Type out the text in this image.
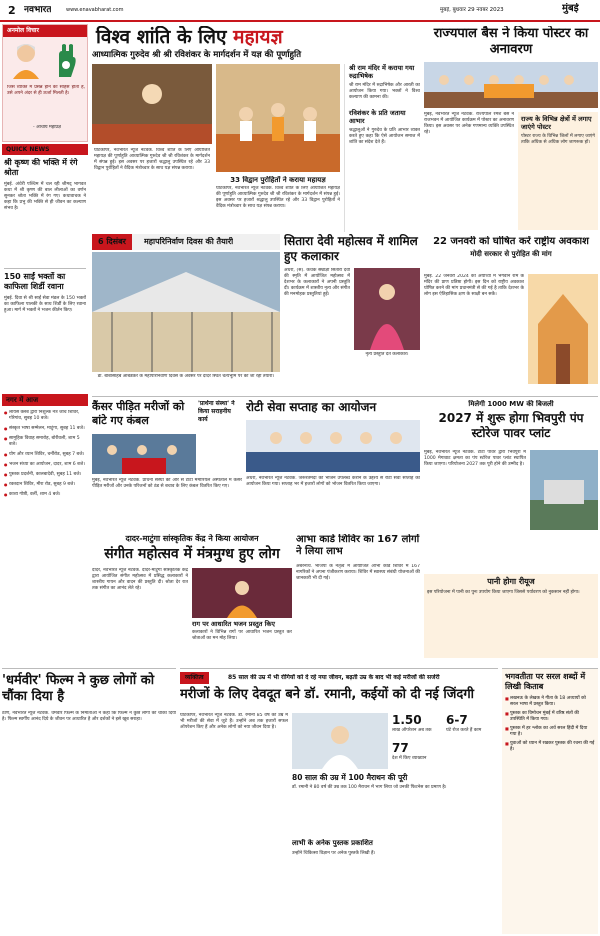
2 नवभारत	www.enavabharat.com	मुंबई, बुधवार 29 नवंबर 2023	मुंबई
अनमोल विचार
जिस व्यक्ति में प्रसन्न होने का साहस होता है, उसे अपने अंदर से ही ऊर्जा मिलती है।
- आचार्य महाप्रज्ञ
QUICK NEWS
श्री कृष्ण की भक्ति में रंगे श्रोता
मुंबई. अंधेरी पश्चिम में चल रही श्रीमद् भागवत कथा में श्री कृष्ण की बाल लीलाओं का वर्णन सुनकर श्रोता भक्ति में रंग गए। कथावाचक ने कहा कि प्रभु की भक्ति से ही जीवन का कल्याण संभव है।
150 साईं भक्तों का काफिला शिर्डी रवाना
मुंबई. दिवा से श्री साईं सेवा मंडल के 150 भक्तों का काफिला पालकी के साथ शिर्डी के लिए रवाना हुआ। मार्ग में भक्तों ने भजन कीर्तन किए।
नगर में आज
● लायंस क्लब द्वारा निशुल्क नेत्र जांच शिविर, गोरेगांव, सुबह 10 बजे।
● संस्कृत भाषा सम्मेलन, माटुंगा, सुबह 11 बजे।
● सामूहिक विवाह समारोह, बोरीवली, शाम 5 बजे।
● योग और ध्यान शिविर, चर्नीरोड, सुबह 7 बजे।
● भजन संध्या का आयोजन, दादर, शाम 6 बजे।
● पुस्तक प्रदर्शनी, कालबादेवी, सुबह 11 बजे।
● रक्तदान शिविर, मीरा रोड, सुबह 9 बजे।
● काव्य गोष्ठी, वर्ली, शाम 4 बजे।
विश्व शांति के लिए महायज्ञ
आध्यात्मिक गुरुदेव श्री श्री रविशंकर के मार्गदर्शन में यज्ञ की पूर्णाहुति
घाटकोपर, नवभारत न्यूज नेटवर्क. विश्व शांति के लिए आयोजित महायज्ञ की पूर्णाहुति आध्यात्मिक गुरुदेव श्री श्री रविशंकर के मार्गदर्शन में संपन्न हुई। इस अवसर पर हजारों श्रद्धालु उपस्थित रहे और 33 विद्वान पुरोहितों ने वैदिक मंत्रोच्चार के साथ यज्ञ संपन्न कराया।
33 विद्वान पुरोहितों ने कराया महायज्ञ
घाटकोपर, नवभारत न्यूज नेटवर्क. विश्व शांति के लिए आयोजित महायज्ञ की पूर्णाहुति आध्यात्मिक गुरुदेव श्री श्री रविशंकर के मार्गदर्शन में संपन्न हुई। इस अवसर पर हजारों श्रद्धालु उपस्थित रहे और 33 विद्वान पुरोहितों ने वैदिक मंत्रोच्चार के साथ यज्ञ संपन्न कराया।
श्री राम मंदिर में कराया गया रुद्राभिषेक
श्री राम मंदिर में रुद्राभिषेक और आरती का आयोजन किया गया। भक्तों ने विश्व कल्याण की कामना की।
रविशंकर के प्रति जताया आभार
श्रद्धालुओं ने गुरुदेव के प्रति आभार व्यक्त करते हुए कहा कि ऐसे आयोजन समाज में शांति का संदेश देते हैं।
राज्यपाल बैस ने किया पोस्टर का अनावरण
मुंबई, नवभारत न्यूज नेटवर्क. राज्यपाल रमेश बैस ने राजभवन में आयोजित कार्यक्रम में पोस्टर का अनावरण किया। इस अवसर पर अनेक गणमान्य व्यक्ति उपस्थित रहे।
राज्य के विभिन्न क्षेत्रों में लगाए जाएंगे पोस्टर
पोस्टर राज्य के विभिन्न जिलों में लगाए जाएंगे ताकि अधिक से अधिक लोग जागरूक हों।
6 दिसंबर	महापरिनिर्वाण दिवस की तैयारी
डॉ. बाबासाहेब आंबेडकर के महापरिनिर्वाण दिवस के अवसर पर दादर स्थित चैत्यभूमि पर की जा रही तैयारी।
सितारा देवी महोत्सव में शामिल हुए कलाकार
अंधेरी, (सं). कथक सम्राज्ञी सितारा देवी की स्मृति में आयोजित महोत्सव में देशभर के कलाकारों ने अपनी प्रस्तुति दी। कार्यक्रम में शास्त्रीय नृत्य और संगीत की मनमोहक प्रस्तुतियां हुईं।
नृत्य प्रस्तुति देते कलाकार।
22 जनवरी को घोषित करें राष्ट्रीय अवकाश
मोदी सरकार से पुरोहित की मांग
मुंबई. 22 जनवरी 2024 को अयोध्या में भगवान राम के मंदिर की प्राण प्रतिष्ठा होगी। इस दिन को राष्ट्रीय अवकाश घोषित करने की मांग प्रधानमंत्री से की गई है ताकि देशभर के लोग इस ऐतिहासिक क्षण के साक्षी बन सकें।
कैंसर पीड़ित मरीजों को बांटे गए कंबल
'प्रार्थना संस्था' ने किया सराहनीय कार्य
मुंबई, नवभारत न्यूज नेटवर्क. प्रार्थना संस्था की ओर से टाटा मेमोरियल अस्पताल में कैंसर पीड़ित मरीजों और उनके परिजनों को ठंड से बचाव के लिए कंबल वितरित किए गए।
रोटी सेवा सप्ताह का आयोजन
अंधेरी, नवभारत न्यूज नेटवर्क. जरूरतमंदों को भोजन उपलब्ध कराने के उद्देश्य से रोटी सेवा सप्ताह का आयोजन किया गया। सप्ताह भर में हजारों लोगों को भोजन वितरित किया जाएगा।
मिलेगी 1000 MW की बिजली
2027 में शुरू होगा भिवपुरी पंप स्टोरेज पावर प्लांट
मुंबई, नवभारत न्यूज नेटवर्क. टाटा पावर द्वारा भिवपुरी में 1000 मेगावाट क्षमता का पंप स्टोरेज पावर प्लांट स्थापित किया जाएगा। परियोजना 2027 तक पूरी होने की उम्मीद है।
पानी होगा रीयूज
इस परियोजना में पानी का पुनः उपयोग किया जाएगा जिससे पर्यावरण को नुकसान नहीं होगा।
दादर-माटुंगा सांस्कृतिक केंद्र ने किया आयोजन
संगीत महोत्सव में मंत्रमुग्ध हुए लोग
दादर, नवभारत न्यूज नेटवर्क. दादर-माटुंगा सांस्कृतिक केंद्र द्वारा आयोजित संगीत महोत्सव में प्रसिद्ध कलाकारों ने शास्त्रीय गायन और वादन की प्रस्तुति दी। श्रोता देर रात तक संगीत का आनंद लेते रहे।
राग पर आधारित भजन प्रस्तुत किए
कलाकारों ने विभिन्न रागों पर आधारित भजन प्रस्तुत कर श्रोताओं का मन मोह लिया।
आभा कार्ड शिविर का 167 लोगों ने लिया लाभ
अंबरनाथ. भाजपा के नेतृत्व में आयोजित आभा कार्ड शिविर में 167 नागरिकों ने अपना पंजीकरण कराया। शिविर में स्वास्थ्य संबंधी योजनाओं की जानकारी भी दी गई।
'धर्मवीर' फिल्म ने कुछ लोगों को चौंका दिया है
ठाणे, नवभारत न्यूज नेटवर्क. धर्मवीर फिल्म के निर्माताओं ने कहा कि फिल्म ने कुछ लोगों को चौंका दिया है। फिल्म स्वर्गीय आनंद दिघे के जीवन पर आधारित है और दर्शकों ने इसे खूब सराहा।
व्यक्तित्व	85 साल की उम्र में भी रोगियों को दे रहे नया जीवन, बढ़ती उम्र के बाद भी कई मरीजों की सर्जरी
मरीजों के लिए देवदूत बने डॉ. रमानी, कईयों को दी नई जिंदगी
घाटकोपर, नवभारत न्यूज नेटवर्क. डॉ. रमानी 85 वर्ष की उम्र में भी मरीजों की सेवा में जुटे हैं। उन्होंने अब तक हजारों सफल ऑपरेशन किए हैं और अनेक लोगों को नया जीवन दिया है।
1.50
लाख ऑपरेशन अब तक
77
देश में किए व्याख्यान
6-7
घंटे रोज करते हैं काम
80 साल की उम्र में 100 मैराथन की पूरी
डॉ. रमानी ने 80 वर्ष की उम्र तक 100 मैराथन में भाग लिया जो उनकी फिटनेस का प्रमाण है।
लाभी के अनेक पुस्तक प्रकाशित
उन्होंने चिकित्सा विज्ञान पर अनेक पुस्तकें लिखी हैं।
भगवतीता पर सरल शब्दों में लिखी किताब

■ लखनऊ के लेखक ने गीता के 18 अध्यायों को सरल भाषा में प्रस्तुत किया।

■ पुस्तक का विमोचन मुंबई में वरिष्ठ संतों की उपस्थिति में किया गया।

■ पुस्तक में हर श्लोक का अर्थ सरल हिंदी में दिया गया है।

■ युवाओं को ध्यान में रखकर पुस्तक की रचना की गई है।
